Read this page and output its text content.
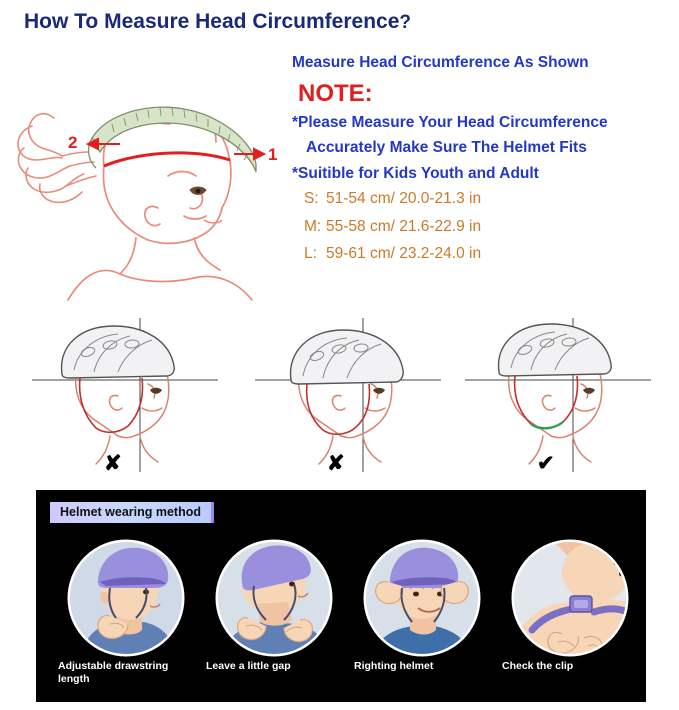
How To Measure Head Circumference?
2
1
Measure Head Circumference As Shown
NOTE:
*Please Measure Your Head Circumference
Accurately Make Sure The Helmet Fits
*Suitible for Kids Youth and Adult
S: 51-54 cm/ 20.0-21.3 in
M: 55-58 cm/ 21.6-22.9 in
L: 59-61 cm/ 23.2-24.0 in
✘	✘	✔
Helmet wearing method
Adjustable drawstring length
Leave a little gap	Righting helmet	Check the clip
